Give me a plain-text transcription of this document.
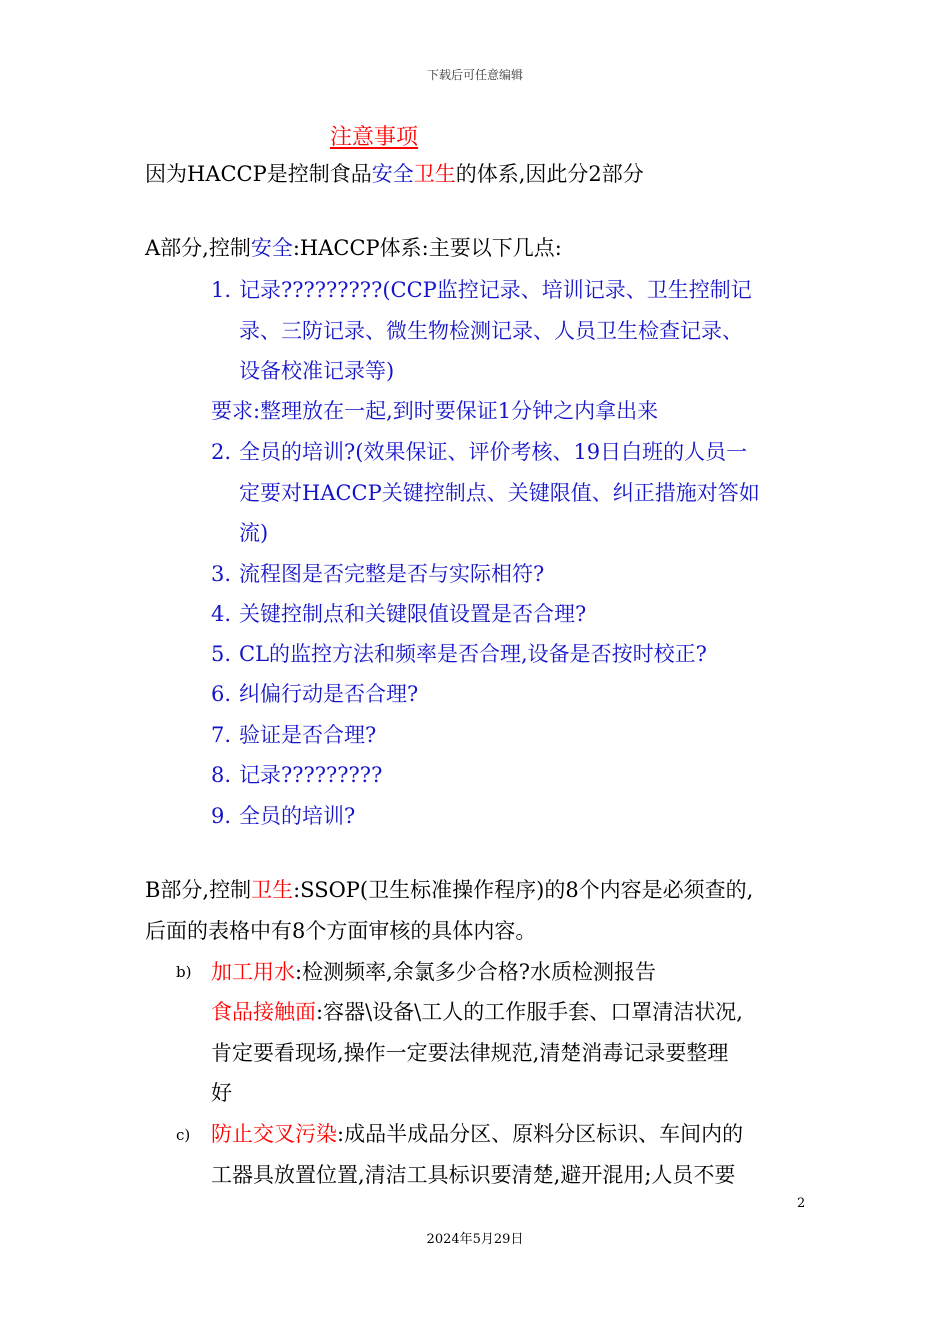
下载后可任意编辑
注意事项
因为HACCP是控制食品安全卫生的体系,因此分2部分
A部分,控制安全:HACCP体系:主要以下几点:
1. 记录?????????(CCP监控记录、培训记录、卫生控制记
录、三防记录、微生物检测记录、人员卫生检查记录、
设备校准记录等)
要求:整理放在一起,到时要保证1分钟之内拿出来
2. 全员的培训?(效果保证、评价考核、19日白班的人员一
定要对HACCP关键控制点、关键限值、纠正措施对答如
流)
3. 流程图是否完整是否与实际相符?
4. 关键控制点和关键限值设置是否合理?
5. CL的监控方法和频率是否合理,设备是否按时校正?
6. 纠偏行动是否合理?
7. 验证是否合理?
8. 记录?????????
9. 全员的培训?
B部分,控制卫生:SSOP(卫生标准操作程序)的8个内容是必须查的,
后面的表格中有8个方面审核的具体内容。
b) 加工用水:检测频率,余氯多少合格?水质检测报告
食品接触面:容器\设备\工人的工作服手套、口罩清洁状况,
肯定要看现场,操作一定要法律规范,清楚消毒记录要整理
好
c) 防止交叉污染:成品半成品分区、原料分区标识、车间内的
工器具放置位置,清洁工具标识要清楚,避开混用;人员不要
2
2024年5月29日
